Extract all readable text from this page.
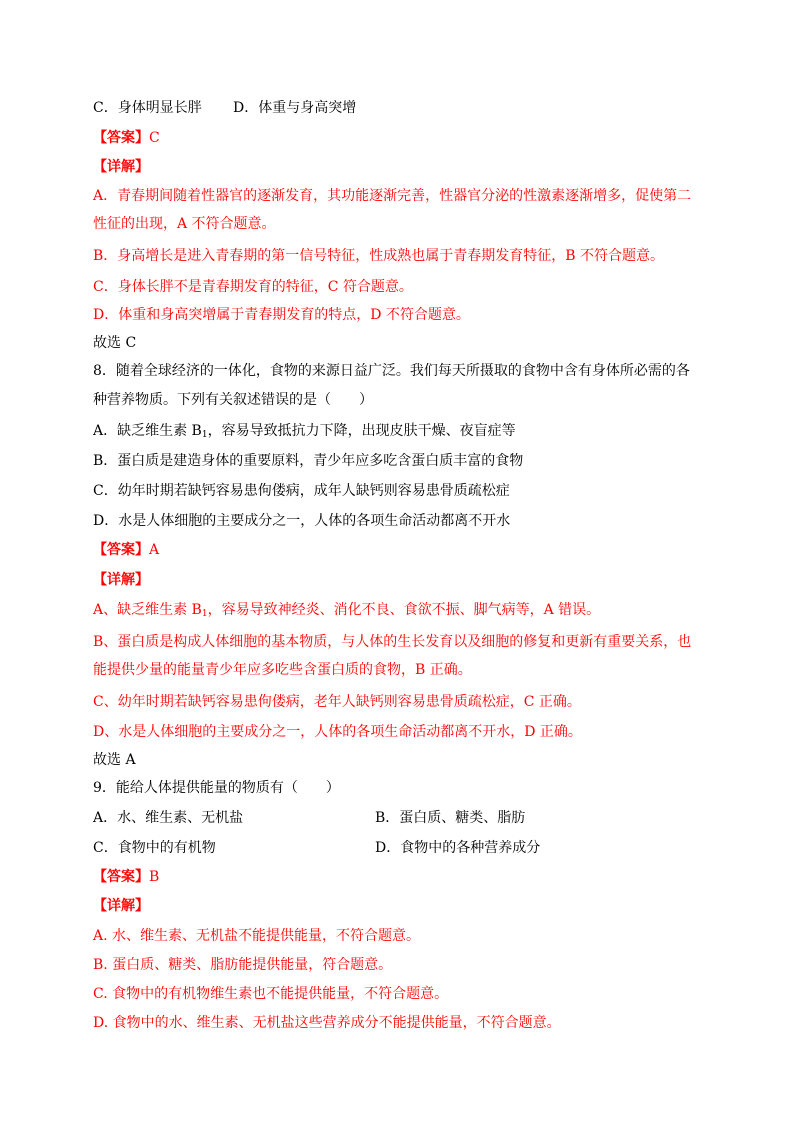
C．身体明显长胖 D．体重与身高突增
【答案】C
【详解】
A．青春期间随着性器官的逐渐发育，其功能逐渐完善，性器官分泌的性激素逐渐增多，促使第二
性征的出现，A 不符合题意。
B．身高增长是进入青春期的第一信号特征，性成熟也属于青春期发育特征，B 不符合题意。
C．身体长胖不是青春期发育的特征，C 符合题意。
D．体重和身高突增属于青春期发育的特点，D 不符合题意。
故选 C
8．随着全球经济的一体化，食物的来源日益广泛。我们每天所摄取的食物中含有身体所必需的各
种营养物质。下列有关叙述错误的是（　　）
A．缺乏维生素 $B_1$，容易导致抵抗力下降，出现皮肤干燥、夜盲症等
B．蛋白质是建造身体的重要原料，青少年应多吃含蛋白质丰富的食物
C．幼年时期若缺钙容易患佝偻病，成年人缺钙则容易患骨质疏松症
D．水是人体细胞的主要成分之一，人体的各项生命活动都离不开水
【答案】A
【详解】
A、缺乏维生素 $B_1$，容易导致神经炎、消化不良、食欲不振、脚气病等，A 错误。
B、蛋白质是构成人体细胞的基本物质，与人体的生长发育以及细胞的修复和更新有重要关系，也
能提供少量的能量青少年应多吃些含蛋白质的食物，B 正确。
C、幼年时期若缺钙容易患佝偻病，老年人缺钙则容易患骨质疏松症，C 正确。
D、水是人体细胞的主要成分之一，人体的各项生命活动都离不开水，D 正确。
故选 A
9．能给人体提供能量的物质有（　　）
A．水、维生素、无机盐	B．蛋白质、糖类、脂肪
C．食物中的有机物	D．食物中的各种营养成分
【答案】B
【详解】
A. 水、维生素、无机盐不能提供能量，不符合题意。
B. 蛋白质、糖类、脂肪能提供能量，符合题意。
C. 食物中的有机物维生素也不能提供能量，不符合题意。
D. 食物中的水、维生素、无机盐这些营养成分不能提供能量，不符合题意。
